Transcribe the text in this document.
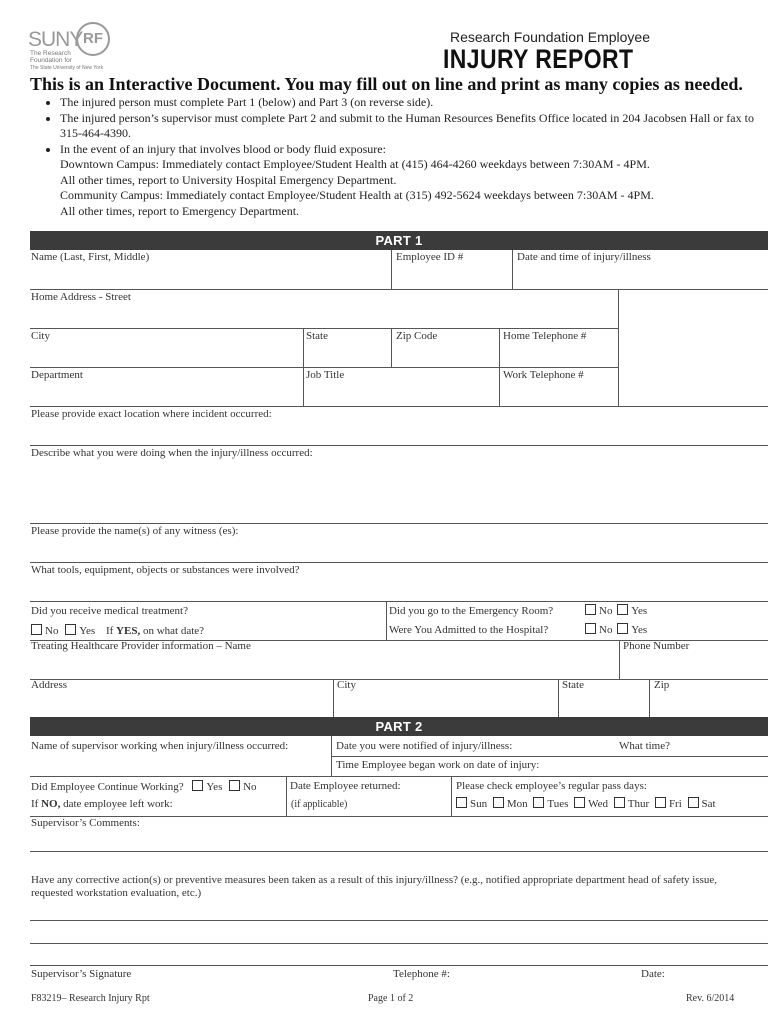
SUNY RF
The Research
Foundation for
The State University of New York
Research Foundation Employee
INJURY REPORT
This is an Interactive Document. You may fill out on line and print as many copies as needed.
• The injured person must complete Part 1 (below) and Part 3 (on reverse side).
• The injured person’s supervisor must complete Part 2 and submit to the Human Resources Benefits Office located in 204 Jacobsen Hall or fax to 315-464-4390.
• In the event of an injury that involves blood or body fluid exposure:
Downtown Campus: Immediately contact Employee/Student Health at (415) 464-4260 weekdays between 7:30AM - 4PM.
All other times, report to University Hospital Emergency Department.
Community Campus: Immediately contact Employee/Student Health at (315) 492-5624 weekdays between 7:30AM - 4PM.
All other times, report to Emergency Department.
PART 1
Name (Last, First, Middle)	Employee ID #	Date and time of injury/illness
Home Address - Street
City	State	Zip Code	Home Telephone #
Department	Job Title	Work Telephone #
Please provide exact location where incident occurred:
Describe what you were doing when the injury/illness occurred:
Please provide the name(s) of any witness (es):
What tools, equipment, objects or substances were involved?
Did you receive medical treatment?	Did you go to the Emergency Room?	No Yes
No Yes If YES, on what date?	Were You Admitted to the Hospital?	No Yes
Treating Healthcare Provider information – Name	Phone Number
Address	City	State	Zip
PART 2
Name of supervisor working when injury/illness occurred:	Date you were notified of injury/illness:	What time?
Time Employee began work on date of injury:
Did Employee Continue Working? Yes No	Date Employee returned:	Please check employee’s regular pass days:
If NO, date employee left work:	(if applicable)	Sun Mon Tues Wed Thur Fri Sat
Supervisor’s Comments:
Have any corrective action(s) or preventive measures been taken as a result of this injury/illness? (e.g., notified appropriate department head of safety issue, requested workstation evaluation, etc.)
Supervisor’s Signature	Telephone #:	Date:
F83219– Research Injury Rpt	Page 1 of 2	Rev. 6/2014
